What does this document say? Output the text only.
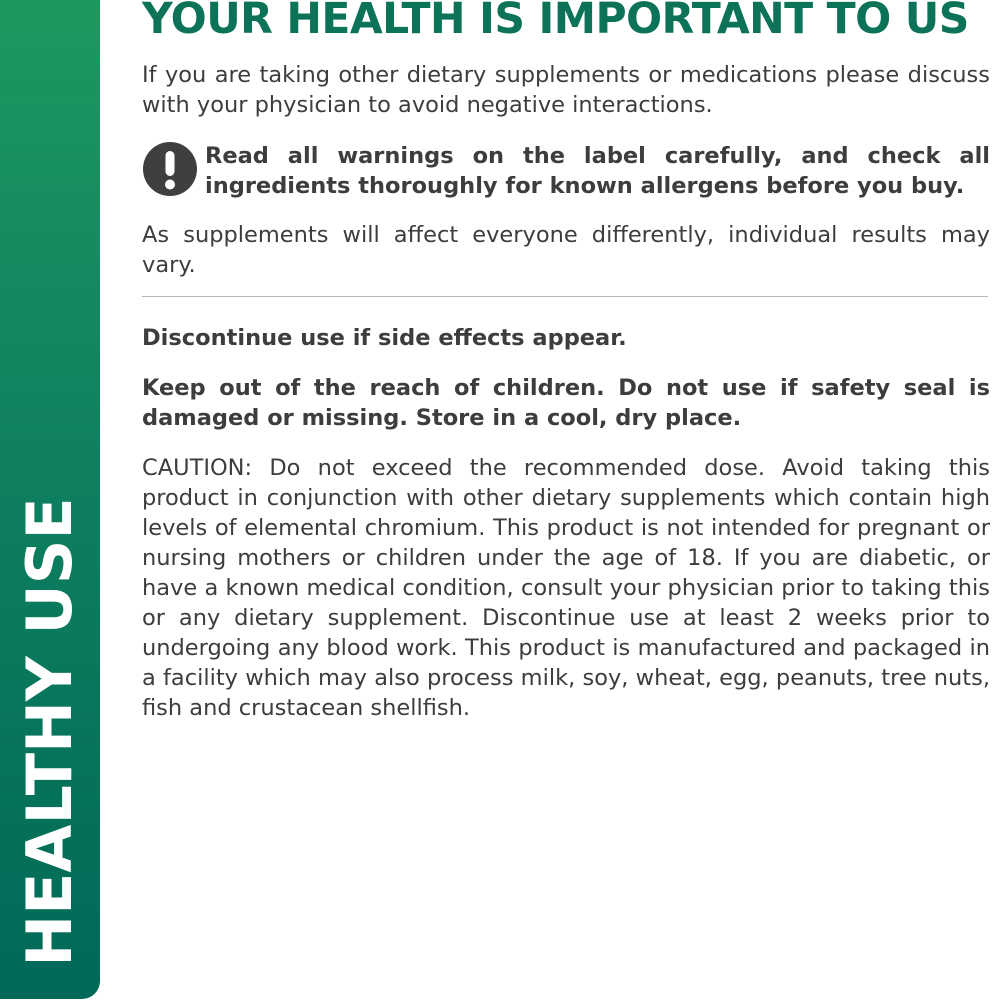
HEALTHY USE
YOUR HEALTH IS IMPORTANT TO US

If you are taking other dietary supplements or medications please discuss with your physician to avoid negative interactions.

Read all warnings on the label carefully, and check all ingredients thoroughly for known allergens before you buy.

As supplements will affect everyone differently, individual results may vary.

Discontinue use if side effects appear.

Keep out of the reach of children. Do not use if safety seal is damaged or missing. Store in a cool, dry place.

CAUTION: Do not exceed the recommended dose. Avoid taking this product in conjunction with other dietary supplements which contain high levels of elemental chromium. This product is not intended for pregnant or nursing mothers or children under the age of 18. If you are diabetic, or have a known medical condition, consult your physician prior to taking this or any dietary supplement. Discontinue use at least 2 weeks prior to undergoing any blood work. This product is manufactured and packaged in a facility which may also process milk, soy, wheat, egg, peanuts, tree nuts, fish and crustacean shellfish.
